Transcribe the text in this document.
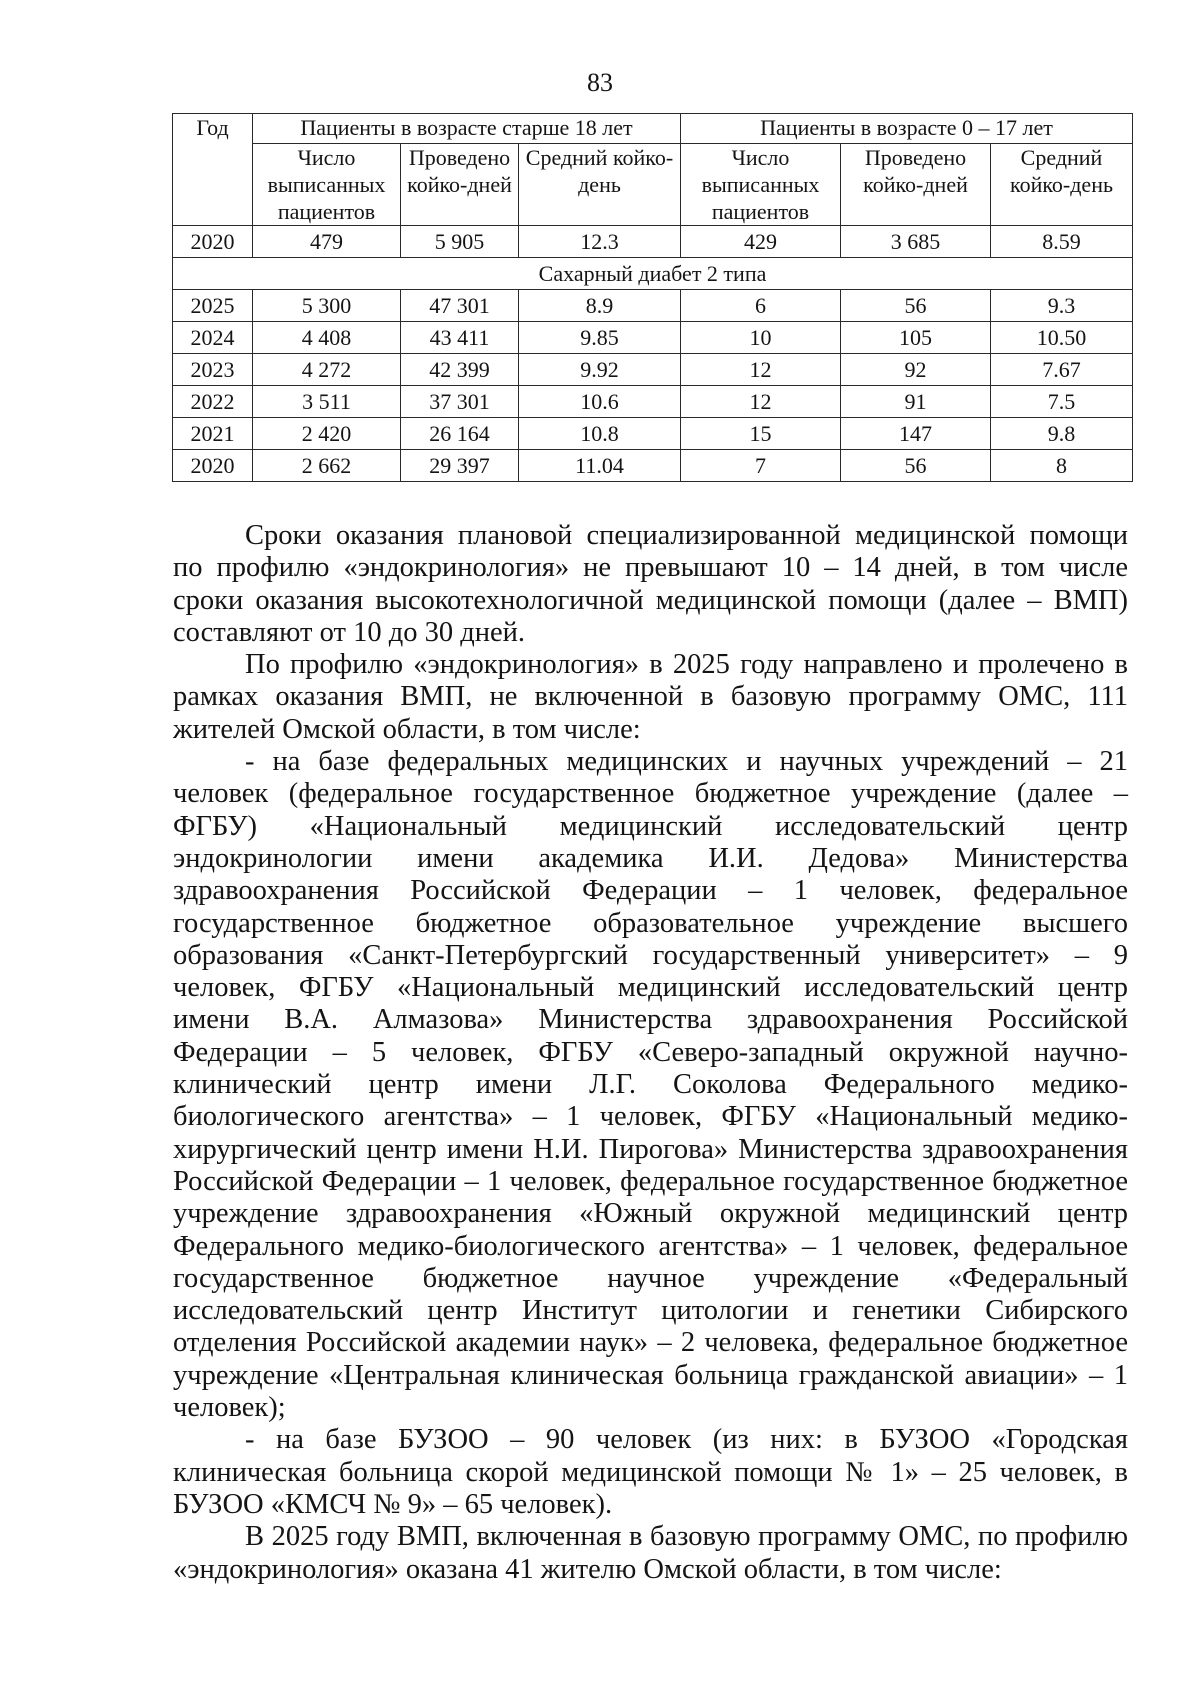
83
Год	Пациенты в возрасте старше 18 лет			Пациенты в возрасте 0 – 17 лет		
	Число выписанных пациентов	Проведено койко-дней	Средний койко-день	Число выписанных пациентов	Проведено койко-дней	Средний койко-день
2020	479	5 905	12.3	429	3 685	8.59
Сахарный диабет 2 типа						
2025	5 300	47 301	8.9	6	56	9.3
2024	4 408	43 411	9.85	10	105	10.50
2023	4 272	42 399	9.92	12	92	7.67
2022	3 511	37 301	10.6	12	91	7.5
2021	2 420	26 164	10.8	15	147	9.8
2020	2 662	29 397	11.04	7	56	8

Сроки оказания плановой специализированной медицинской помощи по профилю «эндокринология» не превышают 10 – 14 дней, в том числе сроки оказания высокотехнологичной медицинской помощи (далее – ВМП) составляют от 10 до 30 дней.

По профилю «эндокринология» в 2025 году направлено и пролечено в рамках оказания ВМП, не включенной в базовую программу ОМС, 111 жителей Омской области, в том числе:

- на базе федеральных медицинских и научных учреждений – 21 человек (федеральное государственное бюджетное учреждение (далее – ФГБУ) «Национальный медицинский исследовательский центр эндокринологии имени академика И.И. Дедова» Министерства здравоохранения Российской Федерации – 1 человек, федеральное государственное бюджетное образовательное учреждение высшего образования «Санкт-Петербургский государственный университет» – 9 человек, ФГБУ «Национальный медицинский исследовательский центр имени В.А. Алмазова» Министерства здравоохранения Российской Федерации – 5 человек, ФГБУ «Северо-западный окружной научно-клинический центр имени Л.Г. Соколова Федерального медико-биологического агентства» – 1 человек, ФГБУ «Национальный медико-хирургический центр имени Н.И. Пирогова» Министерства здравоохранения Российской Федерации – 1 человек, федеральное государственное бюджетное учреждение здравоохранения «Южный окружной медицинский центр Федерального медико-биологического агентства» – 1 человек, федеральное государственное бюджетное научное учреждение «Федеральный исследовательский центр Институт цитологии и генетики Сибирского отделения Российской академии наук» – 2 человека, федеральное бюджетное учреждение «Центральная клиническая больница гражданской авиации» – 1 человек);

- на базе БУЗОО – 90 человек (из них: в БУЗОО «Городская клиническая больница скорой медицинской помощи № 1» – 25 человек, в БУЗОО «КМСЧ № 9» – 65 человек).

В 2025 году ВМП, включенная в базовую программу ОМС, по профилю «эндокринология» оказана 41 жителю Омской области, в том числе:
